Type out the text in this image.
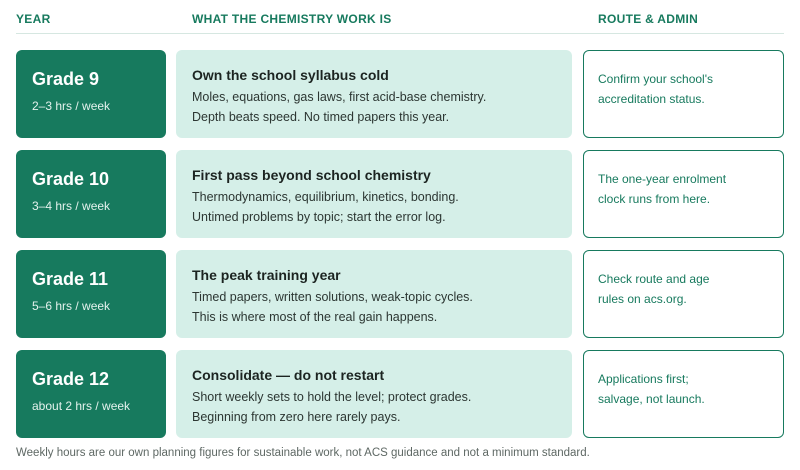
YEAR	WHAT THE CHEMISTRY WORK IS	ROUTE & ADMIN
Grade 9
2–3 hrs / week
Own the school syllabus cold
Moles, equations, gas laws, first acid-base chemistry.
Depth beats speed. No timed papers this year.
Confirm your school's
accreditation status.
Grade 10
3–4 hrs / week
First pass beyond school chemistry
Thermodynamics, equilibrium, kinetics, bonding.
Untimed problems by topic; start the error log.
The one-year enrolment
clock runs from here.
Grade 11
5–6 hrs / week
The peak training year
Timed papers, written solutions, weak-topic cycles.
This is where most of the real gain happens.
Check route and age
rules on acs.org.
Grade 12
about 2 hrs / week
Consolidate — do not restart
Short weekly sets to hold the level; protect grades.
Beginning from zero here rarely pays.
Applications first;
salvage, not launch.
Weekly hours are our own planning figures for sustainable work, not ACS guidance and not a minimum standard.
